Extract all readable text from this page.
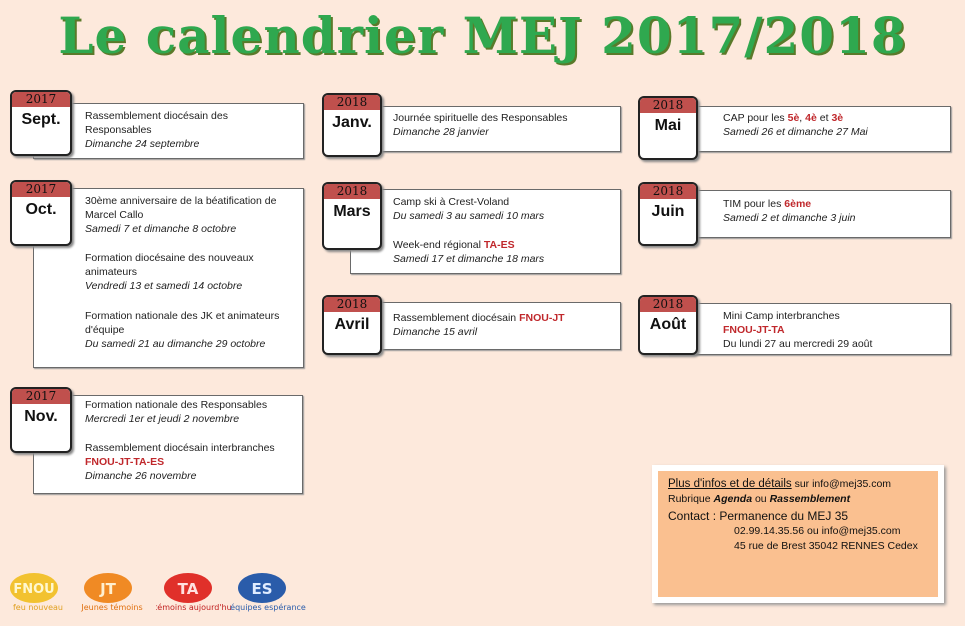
Le calendrier MEJ 2017/2018
2017
Sept.	Rassemblement diocésain des Responsables
Dimanche 24 septembre
2017
Oct.	30ème anniversaire de la béatification de Marcel Callo
Samedi 7 et dimanche 8 octobre
Formation diocésaine des nouveaux animateurs
Vendredi 13 et samedi 14 octobre
Formation nationale des JK et animateurs d'équipe
Du samedi 21 au dimanche 29 octobre
2017
Nov.
Formation nationale des Responsables
Mercredi 1er et jeudi 2 novembre
Rassemblement diocésain interbranches
FNOU-JT-TA-ES
Dimanche 26 novembre
2018
Janv.	Journée spirituelle des Responsables
Dimanche 28 janvier
2018
Mars
Camp ski à Crest-Voland
Du samedi 3 au samedi 10 mars
Week-end régional TA-ES
Samedi 17 et dimanche 18 mars
2018
Avril	Rassemblement diocésain FNOU-JT
Dimanche 15 avril
2018
Mai	CAP pour les 5è, 4è et 3è
Samedi 26 et dimanche 27 Mai
2018
Juin	TIM pour les 6ème
Samedi 2 et dimanche 3 juin
2018
Août	Mini Camp interbranches
FNOU-JT-TA
Du lundi 27 au mercredi 29 août
Plus d'infos et de détails sur info@mej35.com
Rubrique Agenda ou Rassemblement
Contact : Permanence du MEJ 35
02.99.14.35.56 ou info@mej35.com
45 rue de Brest 35042 RENNES Cedex
FNOU
feu nouveau
JT
Jeunes témoins
TA
témoins aujourd'hui
ES
équipes espérance
